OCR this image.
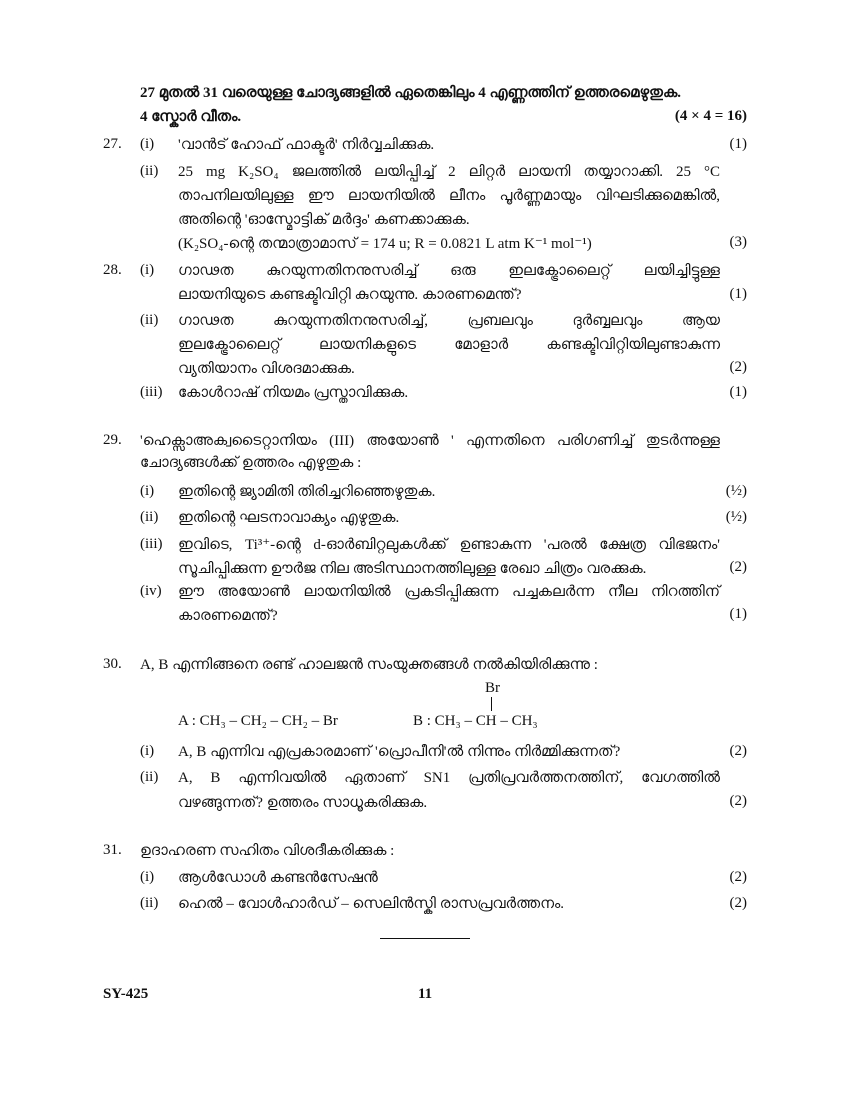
27 മുതൽ 31 വരെയുള്ള ചോദ്യങ്ങളിൽ ഏതെങ്കിലും 4 എണ്ണത്തിന് ഉത്തരമെഴുതുക.
4 സ്കോർ വീതം.	(4 × 4 = 16)
27. (i) 'വാൻട് ഹോഫ് ഫാക്ടർ' നിർവ്വചിക്കുക.	(1)
(ii) 25 mg K₂SO₄ ജലത്തിൽ ലയിപ്പിച്ച് 2 ലിറ്റർ ലായനി തയ്യാറാക്കി. 25 °C
താപനിലയിലുള്ള ഈ ലായനിയിൽ ലീനം പൂർണ്ണമായും വിഘടിക്കുമെങ്കിൽ,
അതിന്റെ 'ഓസ്മോട്ടിക് മർദ്ദം' കണക്കാക്കുക.
(K₂SO₄-ന്റെ തന്മാത്രാമാസ് = 174 u; R = 0.0821 L atm K⁻¹ mol⁻¹)	(3)
28. (i) ഗാഢത കുറയുന്നതിനനുസരിച്ച് ഒരു ഇലക്ട്രോലൈറ്റ് ലയിച്ചിട്ടുള്ള
ലായനിയുടെ കണ്ടക്ടിവിറ്റി കുറയുന്നു. കാരണമെന്ത്?	(1)
(ii) ഗാഢത കുറയുന്നതിനനുസരിച്ച്, പ്രബലവും ദുർബ്ബലവും ആയ
ഇലക്ട്രോലൈറ്റ് ലായനികളുടെ മോളാർ കണ്ടക്ടിവിറ്റിയിലുണ്ടാകുന്ന
വ്യതിയാനം വിശദമാക്കുക.	(2)
(iii) കോൾറാഷ് നിയമം പ്രസ്താവിക്കുക.	(1)
29. 'ഹെക്സാഅക്വടൈറ്റാനിയം (III) അയോൺ ' എന്നതിനെ പരിഗണിച്ച് തുടർന്നുള്ള
ചോദ്യങ്ങൾക്ക് ഉത്തരം എഴുതുക :
(i) ഇതിന്റെ ജ്യാമിതി തിരിച്ചറിഞ്ഞെഴുതുക.	(½)
(ii) ഇതിന്റെ ഘടനാവാക്യം എഴുതുക.	(½)
(iii) ഇവിടെ, Ti³⁺-ന്റെ d-ഓർബിറ്റലുകൾക്ക് ഉണ്ടാകുന്ന 'പരൽ ക്ഷേത്ര വിഭജനം'
സൂചിപ്പിക്കുന്ന ഊർജ നില അടിസ്ഥാനത്തിലുള്ള രേഖാ ചിത്രം വരക്കുക.	(2)
(iv) ഈ അയോൺ ലായനിയിൽ പ്രകടിപ്പിക്കുന്ന പച്ചകലർന്ന നീല നിറത്തിന്
കാരണമെന്ത്?	(1)
30. A, B എന്നിങ്ങനെ രണ്ട് ഹാലജൻ സംയുക്തങ്ങൾ നൽകിയിരിക്കുന്നു :
Br
A : CH₃ – CH₂ – CH₂ – Br	B : CH₃ – CH – CH₃
(i) A, B എന്നിവ എപ്രകാരമാണ് 'പ്രൊപീനി'ൽ നിന്നും നിർമ്മിക്കുന്നത്?	(2)
(ii) A, B എന്നിവയിൽ ഏതാണ് SN1 പ്രതിപ്രവർത്തനത്തിന്, വേഗത്തിൽ
വഴങ്ങുന്നത്? ഉത്തരം സാധൂകരിക്കുക.	(2)
31. ഉദാഹരണ സഹിതം വിശദീകരിക്കുക :
(i) ആൾഡോൾ കണ്ടൻസേഷൻ	(2)
(ii) ഹെൽ – വോൾഹാർഡ് – സെലിൻസ്കി രാസപ്രവർത്തനം.	(2)
SY-425	11
